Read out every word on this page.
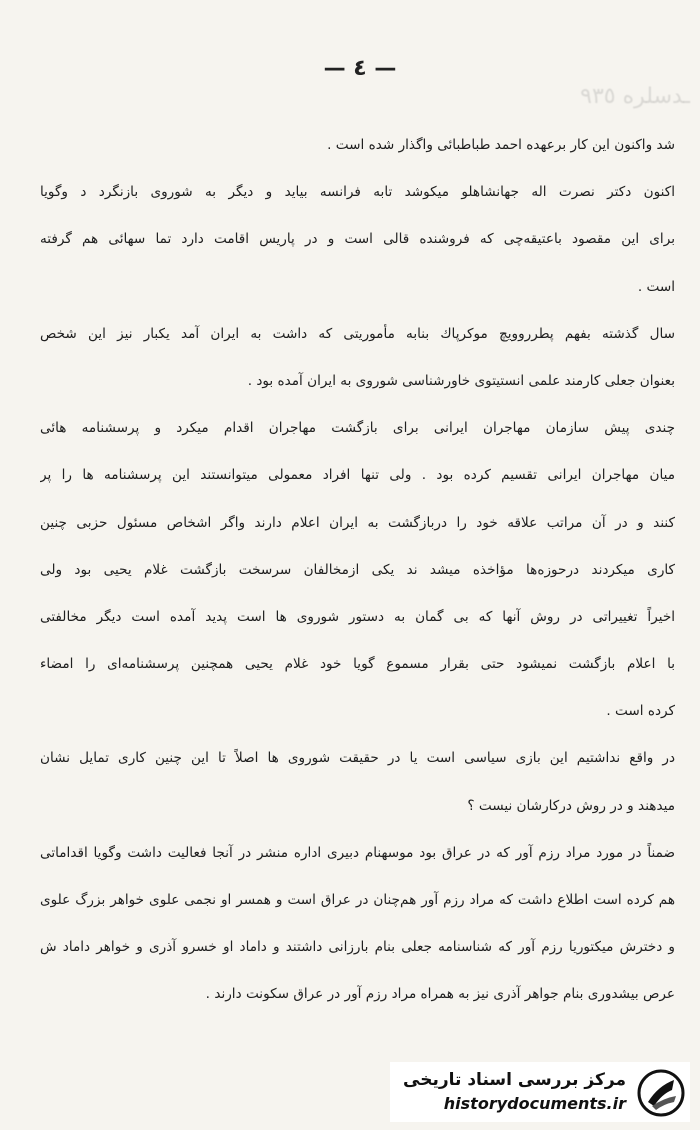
ـدسلره ۹۳٥
— ٤ —
شد واکنون این کار برعهده احمد طباطبائی واگذار شده است .
اکنون دکتر نصرت اله جهانشاهلو میکوشد تابه فرانسه بیاید و دیگر به شوروی بازنگرد د وگویا
برای این مقصود باعتیقه‌چی که فروشنده قالی است و در پاریس اقامت دارد تما سهائی هم گرفته
است .
سال گذشته بفهم پطرروویچ موکرپاك بنابه مأموریتی که داشت به ایران آمد یکبار نیز این شخص
بعنوان جعلی کارمند علمی انستیتوی خاورشناسی شوروی به ایران آمده بود .
چندی پیش سازمان مهاجران ایرانی برای بازگشت مهاجران اقدام میکرد و پرسشنامه هائی
میان مهاجران ایرانی تقسیم کرده بود . ولی تنها افراد معمولی میتوانستند این پرسشنامه ها را پر
کنند و در آن مراتب علاقه خود را دربازگشت به ایران اعلام دارند واگر اشخاص مسئول حزبی چنین
کاری میکردند درحوزه‌ها مؤاخذه میشد ند یکی ازمخالفان سرسخت بازگشت غلام یحیی بود ولی
اخیراً تغییراتی در روش آنها که بی گمان به دستور شوروی ها است پدید آمده است دیگر مخالفتی
با اعلام بازگشت نمیشود حتی بقرار مسموع گویا خود غلام یحیی همچنین پرسشنامه‌ای را امضاء
کرده است .
در واقع نداشتیم این بازی سیاسی است یا در حقیقت شوروی ها اصلاً تا این چنین کاری تمایل نشان
میدهند و در روش درکارشان نیست ؟
ضمناً در مورد مراد رزم آور که در عراق بود موسهنام دبیری اداره منشر در آنجا فعالیت داشت وگویا اقداماتی
هم کرده است اطلاع داشت که مراد رزم آور هم‌چنان در عراق است و همسر او نجمی علوی خواهر بزرگ علوی
و دخترش میکتوریا رزم آور که شناسنامه جعلی بنام بارزانی داشتند و داماد او خسرو آذری و خواهر داماد ش
عرص بیشدوری بنام جواهر آذری نیز به همراه مراد رزم آور در عراق سکونت دارند .
مرکز بررسی اسناد تاریخی
historydocuments.ir
